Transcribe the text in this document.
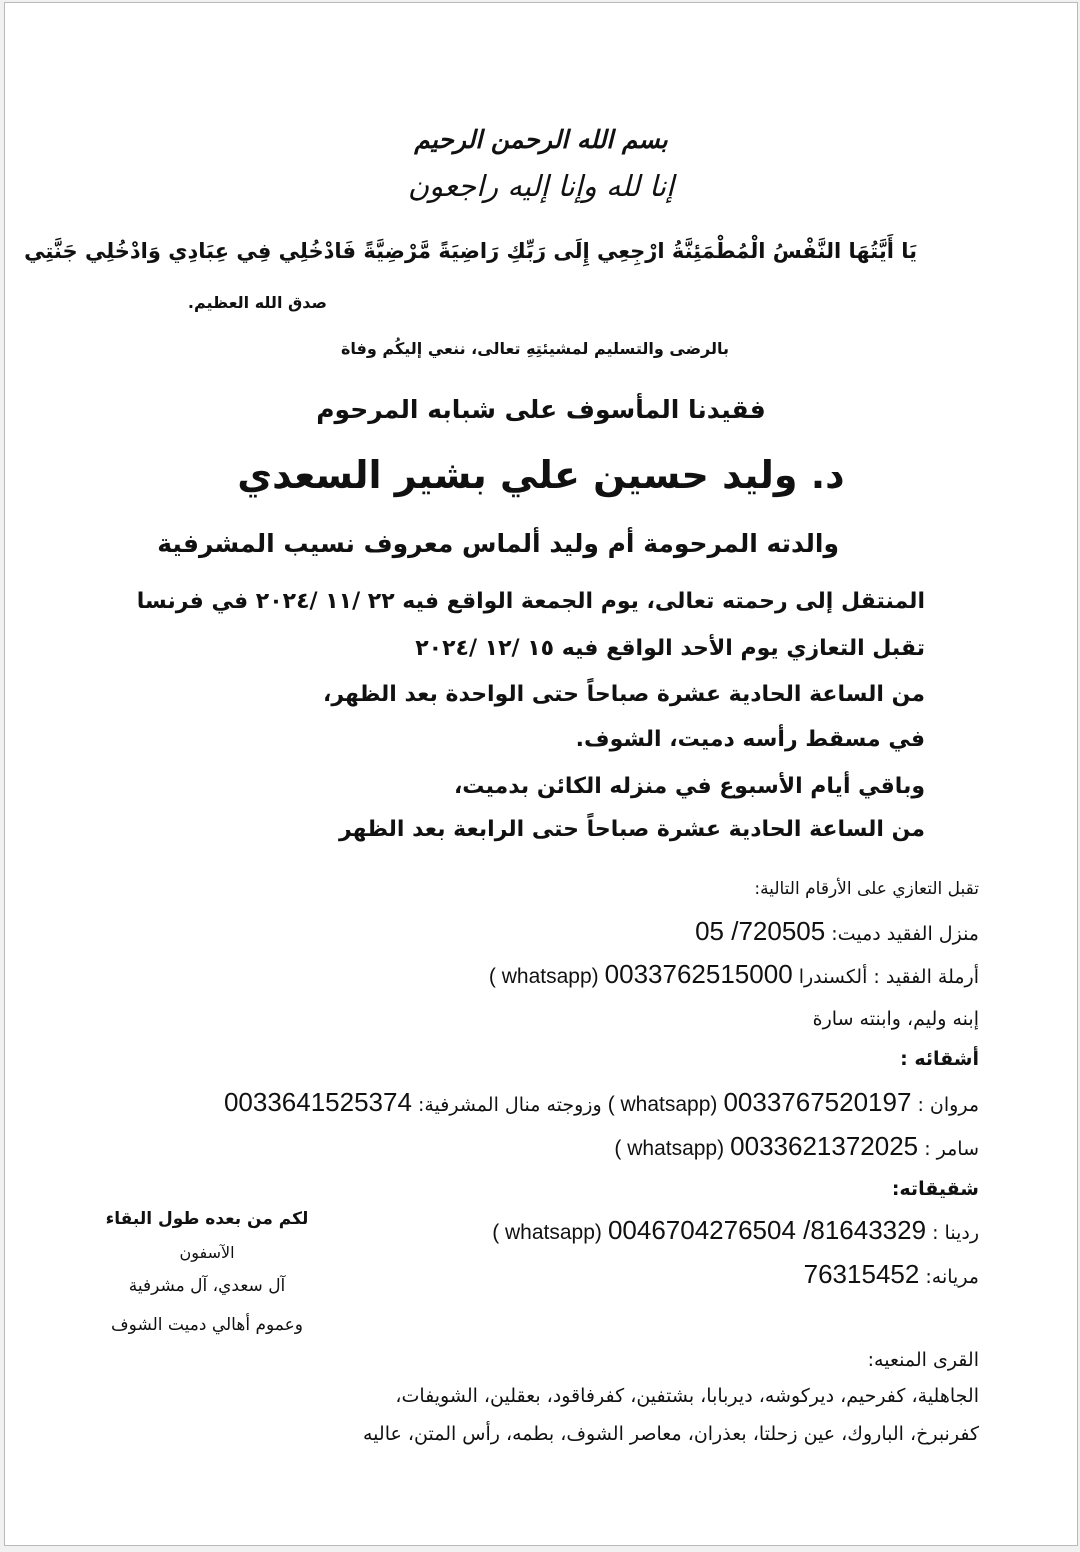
بسم الله الرحمن الرحيم
إنا لله وإنا إليه راجعون
يَا أَيَّتُهَا النَّفْسُ الْمُطْمَئِنَّةُ ارْجِعِي إِلَى رَبِّكِ رَاضِيَةً مَّرْضِيَّةً فَادْخُلِي فِي عِبَادِي وَادْخُلِي جَنَّتِي
صدق الله العظيم.
بالرضى والتسليم لمشيئتِهِ تعالى، ننعي إليكُم وفاة
فقيدنا المأسوف على شبابه المرحوم
د. وليد حسين علي بشير السعدي
والدته المرحومة أم وليد ألماس معروف نسيب المشرفية
المنتقل إلى رحمته تعالى، يوم الجمعة الواقع فيه ٢٢ /١١ /٢٠٢٤ في فرنسا
تقبل التعازي يوم الأحد الواقع فيه ١٥ /١٢ /٢٠٢٤
من الساعة الحادية عشرة صباحاً حتى الواحدة بعد الظهر،
في مسقط رأسه دميت، الشوف.
وباقي أيام الأسبوع في منزله الكائن بدميت،
من الساعة الحادية عشرة صباحاً حتى الرابعة بعد الظهر
تقبل التعازي على الأرقام التالية:
منزل الفقيد دميت: 05 /720505
أرملة الفقيد : ألكسندرا 0033762515000 ( whatsapp)
إبنه وليم، وابنته سارة
أشقائه :
مروان : 0033767520197 ( whatsapp) وزوجته منال المشرفية: 0033641525374
سامر : 0033621372025 ( whatsapp)
شقيقاته:
ردينا : 0046704276504 /81643329 ( whatsapp)
مريانه: 76315452
لكم من بعده طول البقاء
الآسفون
آل سعدي، آل مشرفية
وعموم أهالي دميت الشوف
القرى المنعيه:
الجاهلية، كفرحيم، ديركوشه، ديربابا، بشتفين، كفرفاقود، بعقلين، الشويفات،
كفرنبرخ، الباروك، عين زحلتا، بعذران، معاصر الشوف، بطمه، رأس المتن، عاليه
